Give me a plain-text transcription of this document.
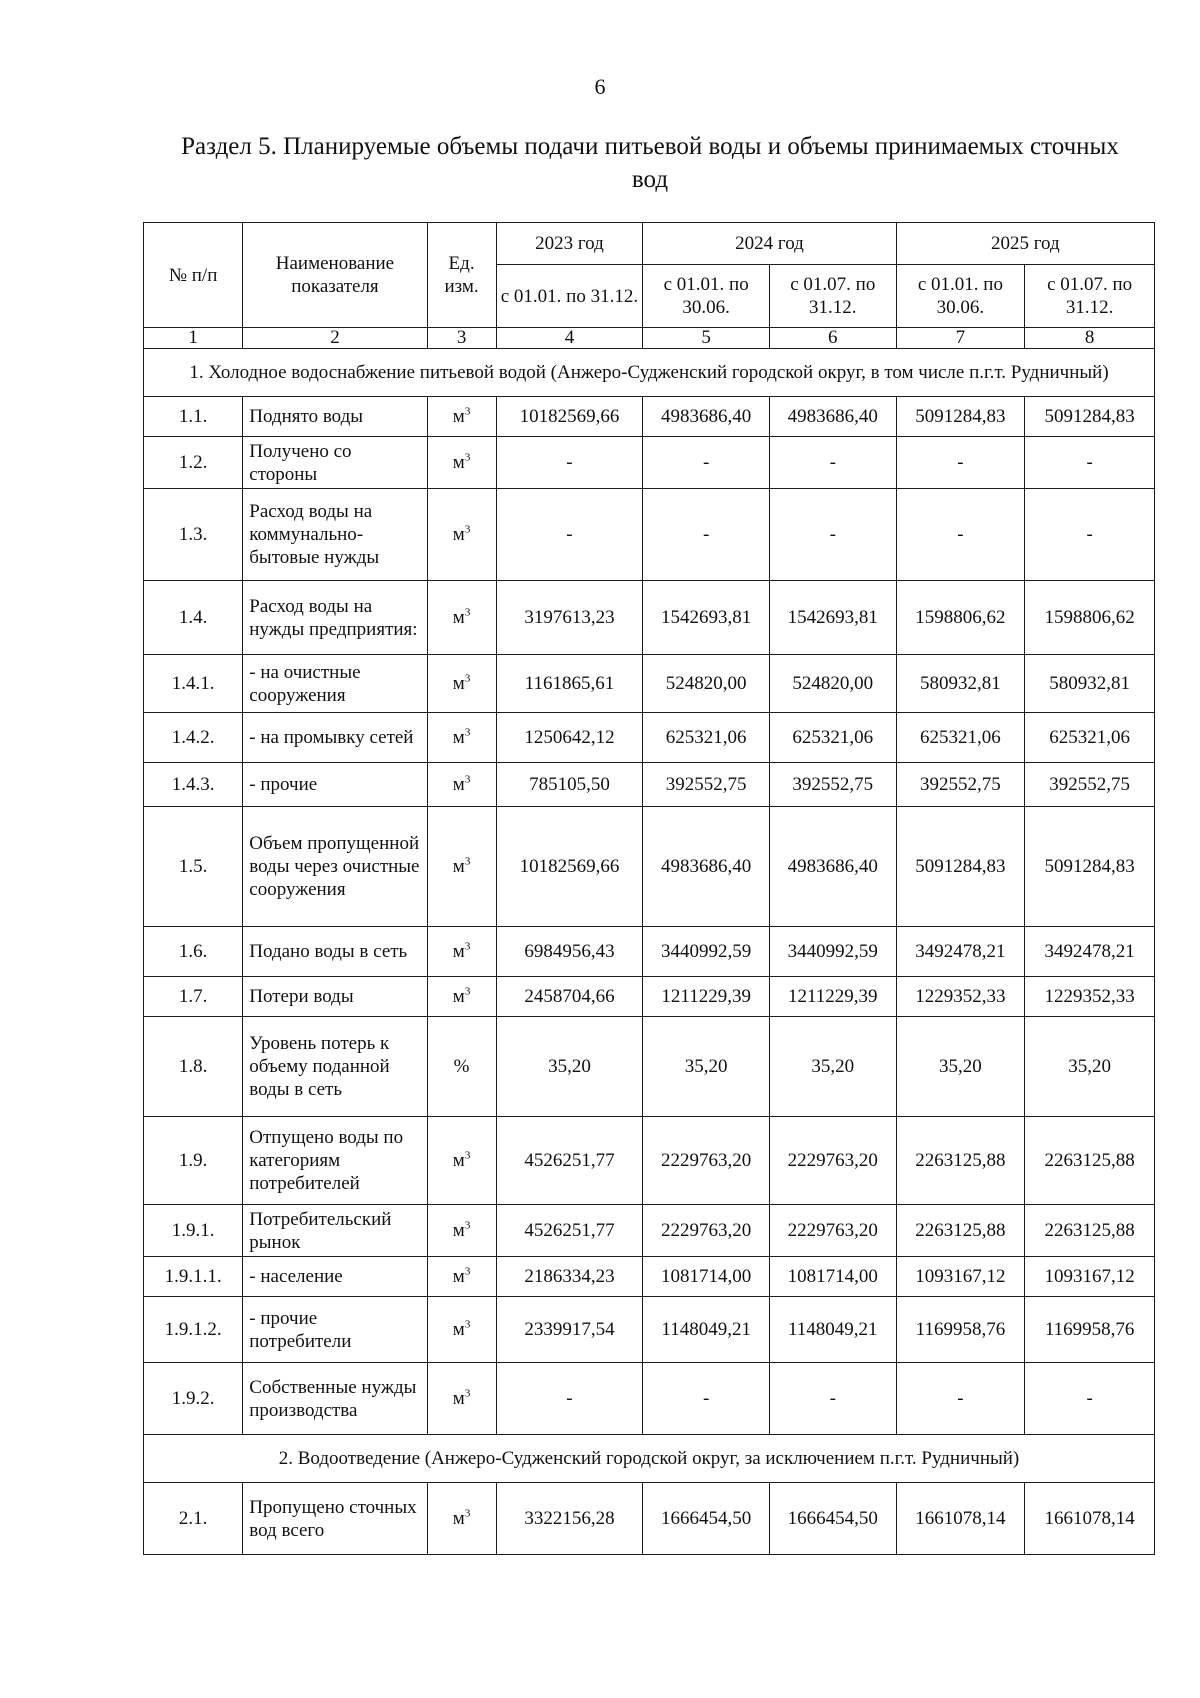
6
Раздел 5. Планируемые объемы подачи питьевой воды и объемы принимаемых сточных вод
№ п/п	Наименование показателя	Ед. изм.	2023 год	2024 год		2025 год	
			с 01.01. по 31.12.	с 01.01. по 30.06.	с 01.07. по 31.12.	с 01.01. по 30.06.	с 01.07. по 31.12.
1	2	3	4	5	6	7	8
1. Холодное водоснабжение питьевой водой (Анжеро-Судженский городской округ, в том числе п.г.т. Рудничный)							
1.1.	Поднято воды	$м^3$	10182569,66	4983686,40	4983686,40	5091284,83	5091284,83
1.2.	Получено со стороны	$м^3$	-	-	-	-	-
1.3.	Расход воды на коммунально-бытовые нужды	$м^3$	-	-	-	-	-
1.4.	Расход воды на нужды предприятия:	$м^3$	3197613,23	1542693,81	1542693,81	1598806,62	1598806,62
1.4.1.	- на очистные сооружения	$м^3$	1161865,61	524820,00	524820,00	580932,81	580932,81
1.4.2.	- на промывку сетей	$м^3$	1250642,12	625321,06	625321,06	625321,06	625321,06
1.4.3.	- прочие	$м^3$	785105,50	392552,75	392552,75	392552,75	392552,75
1.5.	Объем пропущенной воды через очистные сооружения	$м^3$	10182569,66	4983686,40	4983686,40	5091284,83	5091284,83
1.6.	Подано воды в сеть	$м^3$	6984956,43	3440992,59	3440992,59	3492478,21	3492478,21
1.7.	Потери воды	$м^3$	2458704,66	1211229,39	1211229,39	1229352,33	1229352,33
1.8.	Уровень потерь к объему поданной воды в сеть	%	35,20	35,20	35,20	35,20	35,20
1.9.	Отпущено воды по категориям потребителей	$м^3$	4526251,77	2229763,20	2229763,20	2263125,88	2263125,88
1.9.1.	Потребительский рынок	$м^3$	4526251,77	2229763,20	2229763,20	2263125,88	2263125,88
1.9.1.1.	- население	$м^3$	2186334,23	1081714,00	1081714,00	1093167,12	1093167,12
1.9.1.2.	- прочие потребители	$м^3$	2339917,54	1148049,21	1148049,21	1169958,76	1169958,76
1.9.2.	Собственные нужды производства	$м^3$	-	-	-	-	-
2. Водоотведение (Анжеро-Судженский городской округ, за исключением п.г.т. Рудничный)							
2.1.	Пропущено сточных вод всего	$м^3$	3322156,28	1666454,50	1666454,50	1661078,14	1661078,14
